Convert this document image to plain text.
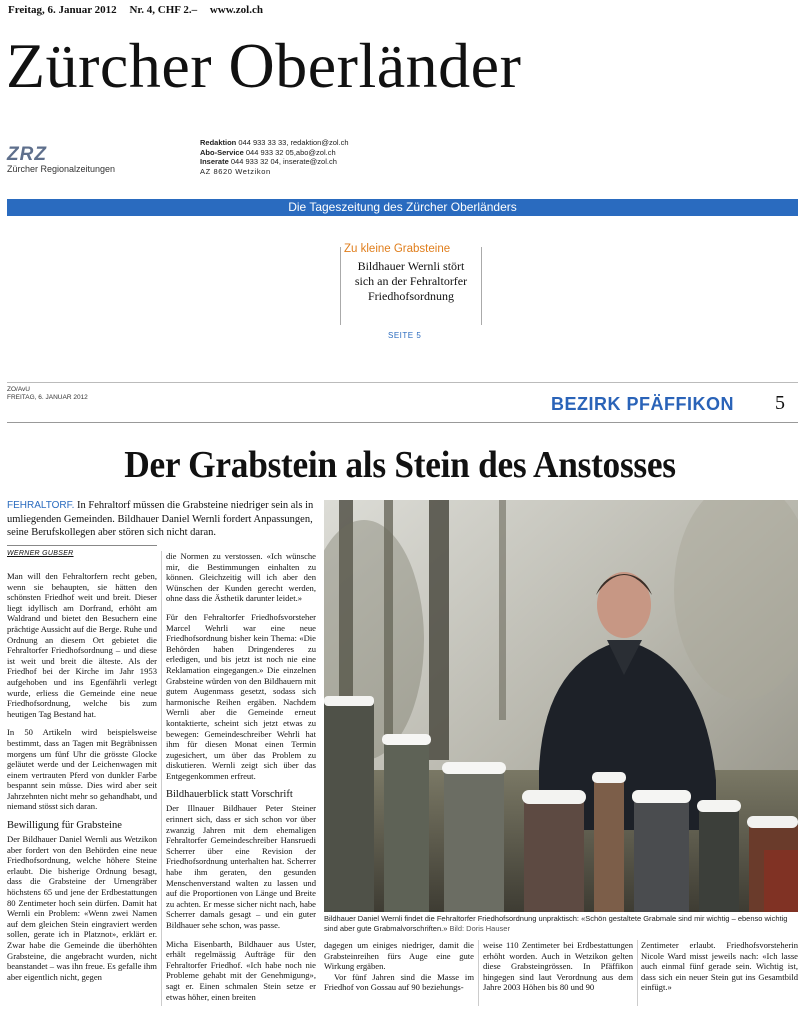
Freitag, 6. Januar 2012 Nr. 4, CHF 2.– www.zol.ch
Zürcher Oberländer
ZRZ
Zürcher Regionalzeitungen
Redaktion 044 933 33 33, redaktion@zol.ch
Abo-Service 044 933 32 05,abo@zol.ch
Inserate 044 933 32 04, inserate@zol.ch
AZ 8620 Wetzikon
Die Tageszeitung des Zürcher Oberländers
Zu kleine Grabsteine
Bildhauer Wernli stört
sich an der Fehraltorfer
Friedhofsordnung
SEITE 5
ZO/AvU
FREITAG, 6. JANUAR 2012	BEZIRK PFÄFFIKON 5
Der Grabstein als Stein des Anstosses
FEHRALTORF. In Fehraltorf müssen die Grabsteine niedriger sein als in umliegenden Gemeinden. Bildhauer Daniel Wernli fordert Anpassungen, seine Berufskollegen aber stören sich nicht daran.
WERNER GUBSER

Man will den Fehraltorfern recht geben, wenn sie behaupten, sie hätten den schönsten Friedhof weit und breit. Dieser liegt idyllisch am Dorfrand, erhöht am Waldrand und bietet den Besuchern eine prächtige Aussicht auf die Berge. Ruhe und Ordnung an diesem Ort gebietet die Fehraltorfer Friedhofsordnung – und diese ist weit und breit die älteste. Als der Friedhof bei der Kirche im Jahr 1953 aufgehoben und ins Egenfährli verlegt wurde, erliess die Gemeinde eine neue Friedhofsordnung, welche bis zum heutigen Tag Bestand hat.

In 50 Artikeln wird beispielsweise bestimmt, dass an Tagen mit Begräbnissen morgens um fünf Uhr die grösste Glocke geläutet werde und der Leichenwagen mit einem vertrauten Pferd von dunkler Farbe bespannt sein müsse. Dies wird aber seit Jahrzehnten nicht mehr so gehandhabt, und niemand stösst sich daran.

Bewilligung für Grabsteine

Der Bildhauer Daniel Wernli aus Wetzikon aber fordert von den Behörden eine neue Friedhofsordnung, welche höhere Steine erlaubt. Die bisherige Ordnung besagt, dass die Grabsteine der Urnengräber höchstens 65 und jene der Erdbestattungen 80 Zentimeter hoch sein dürfen. Damit hat Wernli ein Problem: «Wenn zwei Namen auf dem gleichen Stein eingraviert werden sollen, gerate ich in Platznot», erklärt er. Zwar habe die Gemeinde die überhöhten Grabsteine, die angebracht wurden, nicht beanstandet – was ihn freue. Es gefalle ihm aber eigentlich nicht, gegen

die Normen zu verstossen. «Ich wünsche mir, die Bestimmungen einhalten zu können. Gleichzeitig will ich aber den Wünschen der Kunden gerecht werden, ohne dass die Ästhetik darunter leidet.»

Für den Fehraltorfer Friedhofsvorsteher Marcel Wehrli war eine neue Friedhofsordnung bisher kein Thema: «Die Behörden haben Dringenderes zu erledigen, und bis jetzt ist noch nie eine Reklamation eingegangen.» Die einzelnen Grabsteine würden von den Bildhauern mit gutem Augenmass gesetzt, sodass sich harmonische Reihen ergäben. Nachdem Wernli aber die Gemeinde erneut kontaktierte, scheint sich jetzt etwas zu bewegen: Gemeindeschreiber Wehrli hat ihm für diesen Monat einen Termin zugesichert, um über das Problem zu diskutieren. Wernli zeigt sich über das Entgegenkommen erfreut.

Bildhauerblick statt Vorschrift

Der Illnauer Bildhauer Peter Steiner erinnert sich, dass er sich schon vor über zwanzig Jahren mit dem ehemaligen Fehraltorfer Gemeindeschreiber Hansruedi Scherrer über eine Revision der Friedhofsordnung unterhalten hat. Scherrer habe ihm geraten, den gesunden Menschenverstand walten zu lassen und auf die Proportionen von Länge und Breite zu achten. Er messe sicher nicht nach, habe Scherrer damals gesagt – und ein guter Bildhauer sehe schon, was passe.

Micha Eisenbarth, Bildhauer aus Uster, erhält regelmässig Aufträge für den Fehraltorfer Friedhof. «Ich habe noch nie Probleme gehabt mit der Genehmigung», sagt er. Einen schmalen Stein setze er etwas höher, einen breiten

Bildhauer Daniel Wernli findet die Fehraltorfer Friedhofsordnung unpraktisch: «Schön gestaltete Grabmale sind mir wichtig – ebenso wichtig sind aber gute Grabmalvorschriften.» Bild: Doris Hauser

dagegen um einiges niedriger, damit die Grabsteinreihen fürs Auge eine gute Wirkung ergäben.

Vor fünf Jahren sind die Masse im Friedhof von Gossau auf 90 beziehungs-

weise 110 Zentimeter bei Erdbestattungen erhöht worden. Auch in Wetzikon gelten diese Grabsteingrössen. In Pfäffikon hingegen sind laut Verordnung aus dem Jahre 2003 Höhen bis 80 und 90

Zentimeter erlaubt. Friedhofsvorsteherin Nicole Ward misst jeweils nach: «Ich lasse auch einmal fünf gerade sein. Wichtig ist, dass sich ein neuer Stein gut ins Gesamtbild einfügt.»
